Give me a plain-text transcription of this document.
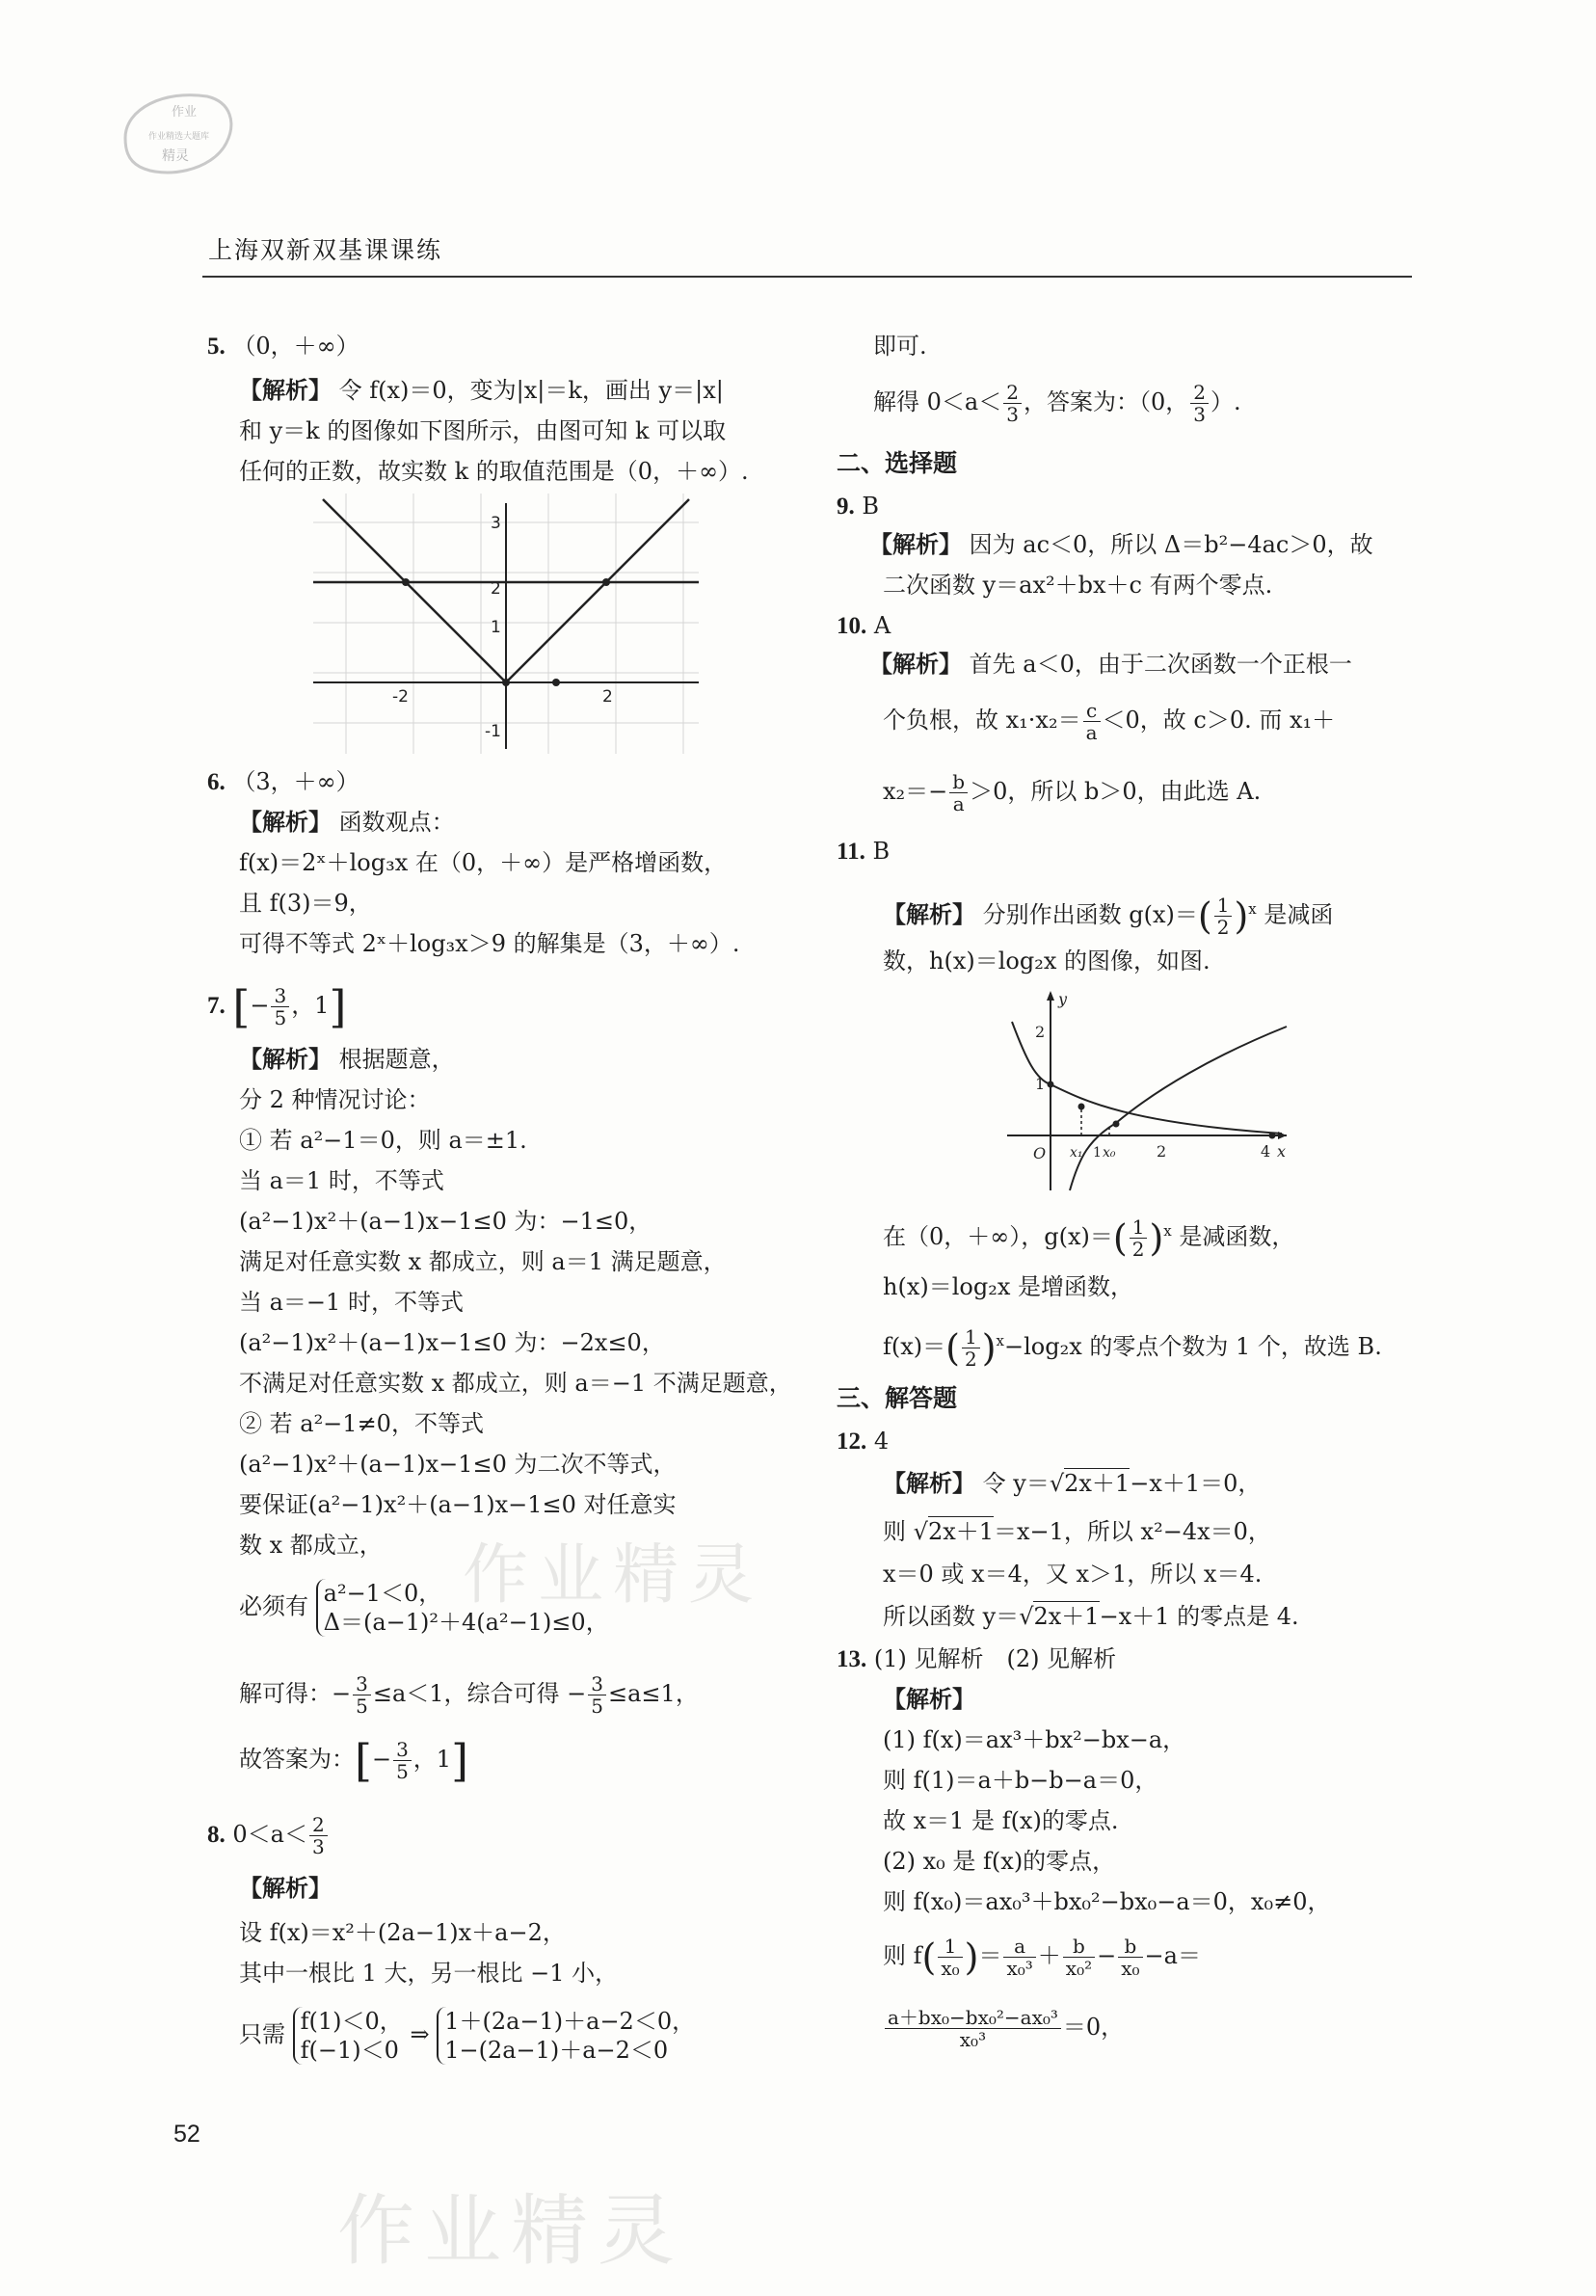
作业
作业精选大题库
精灵
上海双新双基课课练
作业精灵
作业精灵
5. （0，＋∞）
【解析】 令 f(x)＝0，变为|x|＝k，画出 y＝|x|
和 y＝k 的图像如下图所示，由图可知 k 可以取
任何的正数，故实数 k 的取值范围是（0，＋∞）.
-2	2
3
2
1
-1
6. （3，＋∞）
【解析】 函数观点：
f(x)＝2ˣ＋log₃x 在（0，＋∞）是严格增函数，
且 f(3)＝9，
可得不等式 2ˣ＋log₃x＞9 的解集是（3，＋∞）.
7. [− $\frac{3}{5}$ ，1]
【解析】 根据题意，
分 2 种情况讨论：
① 若 a²−1＝0，则 a＝±1.
当 a＝1 时，不等式
(a²−1)x²＋(a−1)x−1≤0 为：−1≤0，
满足对任意实数 x 都成立，则 a＝1 满足题意，
当 a＝−1 时，不等式
(a²−1)x²＋(a−1)x−1≤0 为：−2x≤0，
不满足对任意实数 x 都成立，则 a＝−1 不满足题意，
② 若 a²−1≠0，不等式
(a²−1)x²＋(a−1)x−1≤0 为二次不等式，
要保证(a²−1)x²＋(a−1)x−1≤0 对任意实
数 x 都成立，
必须有 a²−1＜0，
Δ＝(a−1)²＋4(a²−1)≤0，
解可得：− $\frac{3}{5} \le a<1$，综合可得 − $\frac{3}{5} \le a\le 1$，
故答案为：[− $\frac{3}{5}$ ，1]
8. $0<a< \frac{2}{3}$
【解析】
设 f(x)＝x²＋(2a−1)x＋a−2，
其中一根比 1 大，另一根比 −1 小，
只需 f(1)＜0，
f(−1)＜0 ⇒ 1＋(2a−1)＋a−2＜0，
1−(2a−1)＋a−2＜0
52
即可.
解得 $0<a< \frac{2}{3}$ ，答案为：（0， $\frac{2}{3}$ ）.
二、选择题
9. B
【解析】 因为 ac＜0，所以 Δ＝b²−4ac＞0，故
二次函数 y＝ax²＋bx＋c 有两个零点.
10. A
【解析】 首先 a＜0，由于二次函数一个正根一
个负根，故 $x_1\cdot x_2= \frac{c}{a} <0$，故 c＞0. 而 x₁＋
$x_2=- \frac{b}{a} >0$，所以 b＞0，由此选 A.
11. B
【解析】 分别作出函数 $g(x)=( \frac{1}{2} )^x$ 是减函
数，h(x)＝log₂x 的图像，如图.
y
x
O x₁ 1 x₀	2	4
1
2
在（0，＋∞），$g(x)=( \frac{1}{2} )^x$ 是减函数，
h(x)＝log₂x 是增函数，
$f(x)=( \frac{1}{2} )^x-\log_2x$ 的零点个数为 1 个，故选 B.
三、解答题
12. 4
【解析】 令 y＝√2x＋1−x＋1＝0，
则 √2x＋1＝x−1，所以 x²−4x＝0，
x＝0 或 x＝4，又 x＞1，所以 x＝4.
所以函数 y＝√2x＋1−x＋1 的零点是 4.
13. (1) 见解析　(2) 见解析
【解析】
(1) f(x)＝ax³＋bx²−bx−a，
则 f(1)＝a＋b−b−a＝0，
故 x＝1 是 f(x)的零点.
(2) x₀ 是 f(x)的零点，
则 f(x₀)＝ax₀³＋bx₀²−bx₀−a＝0，x₀≠0，
则 $f( \frac{1}{\text{x₀}}$ )＝ $\frac{a}{\text{x₀³}} + \frac{b}{\text{x₀²}} - \frac{b}{\text{x₀}} -a=$
$\frac{\text{a＋bx₀−bx₀²−ax₀³}}{\text{x₀³}} =0$，
